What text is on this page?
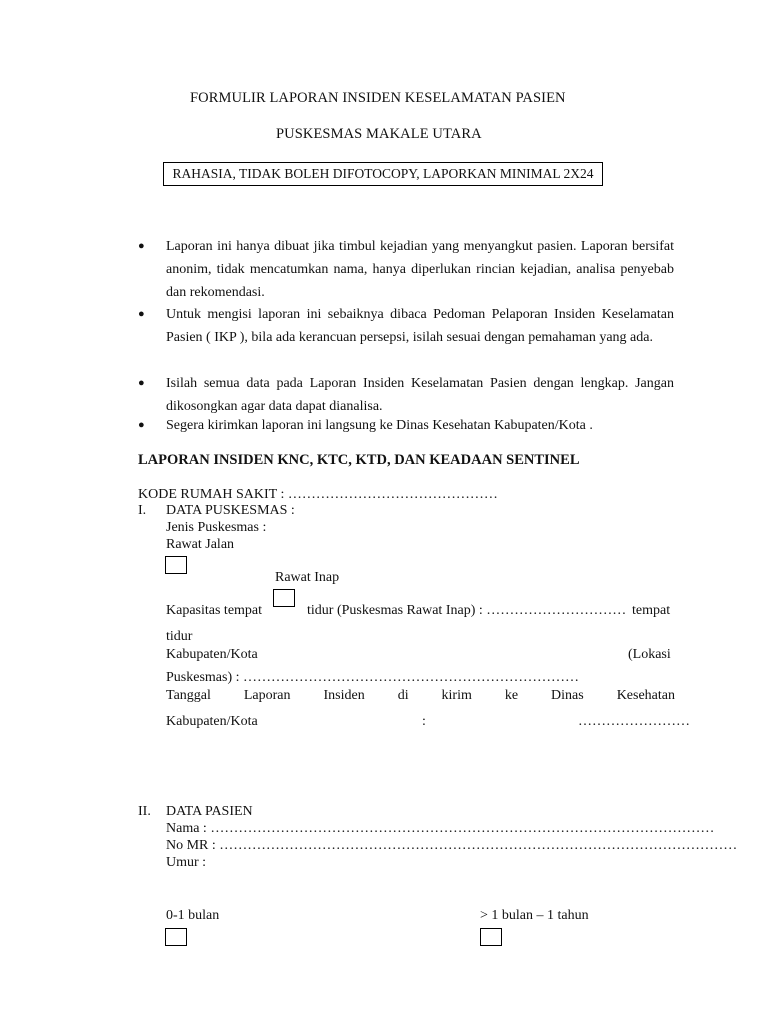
FORMULIR LAPORAN INSIDEN KESELAMATAN PASIEN
PUSKESMAS MAKALE UTARA
RAHASIA, TIDAK BOLEH DIFOTOCOPY, LAPORKAN MINIMAL 2X24
● Laporan ini hanya dibuat jika timbul kejadian yang menyangkut pasien. Laporan bersifat anonim, tidak mencatumkan nama, hanya diperlukan rincian kejadian, analisa penyebab dan rekomendasi.
● Untuk mengisi laporan ini sebaiknya dibaca Pedoman Pelaporan Insiden Keselamatan Pasien ( IKP ), bila ada kerancuan persepsi, isilah sesuai dengan pemahaman yang ada.
● Isilah semua data pada Laporan Insiden Keselamatan Pasien dengan lengkap. Jangan dikosongkan agar data dapat dianalisa.
● Segera kirimkan laporan ini langsung ke Dinas Kesehatan Kabupaten/Kota .
LAPORAN INSIDEN KNC, KTC, KTD, DAN KEADAAN SENTINEL
KODE RUMAH SAKIT : ………………………………………
I. DATA PUSKESMAS :
Jenis Puskesmas :
Rawat Jalan
Rawat Inap
Kapasitas tempat	tidur (Puskesmas Rawat Inap) : ………………………… tempat
tidur
Kabupaten/Kota	(Lokasi
Puskesmas) : ………………………………………………………………
Tanggal Laporan Insiden di kirim ke Dinas Kesehatan
Kabupaten/Kota	:	……………………
II. DATA PASIEN
Nama : ………………………………………………………………………………………………
No MR : …………………………………………………………………………………………………
Umur :
0-1 bulan	> 1 bulan – 1 tahun
